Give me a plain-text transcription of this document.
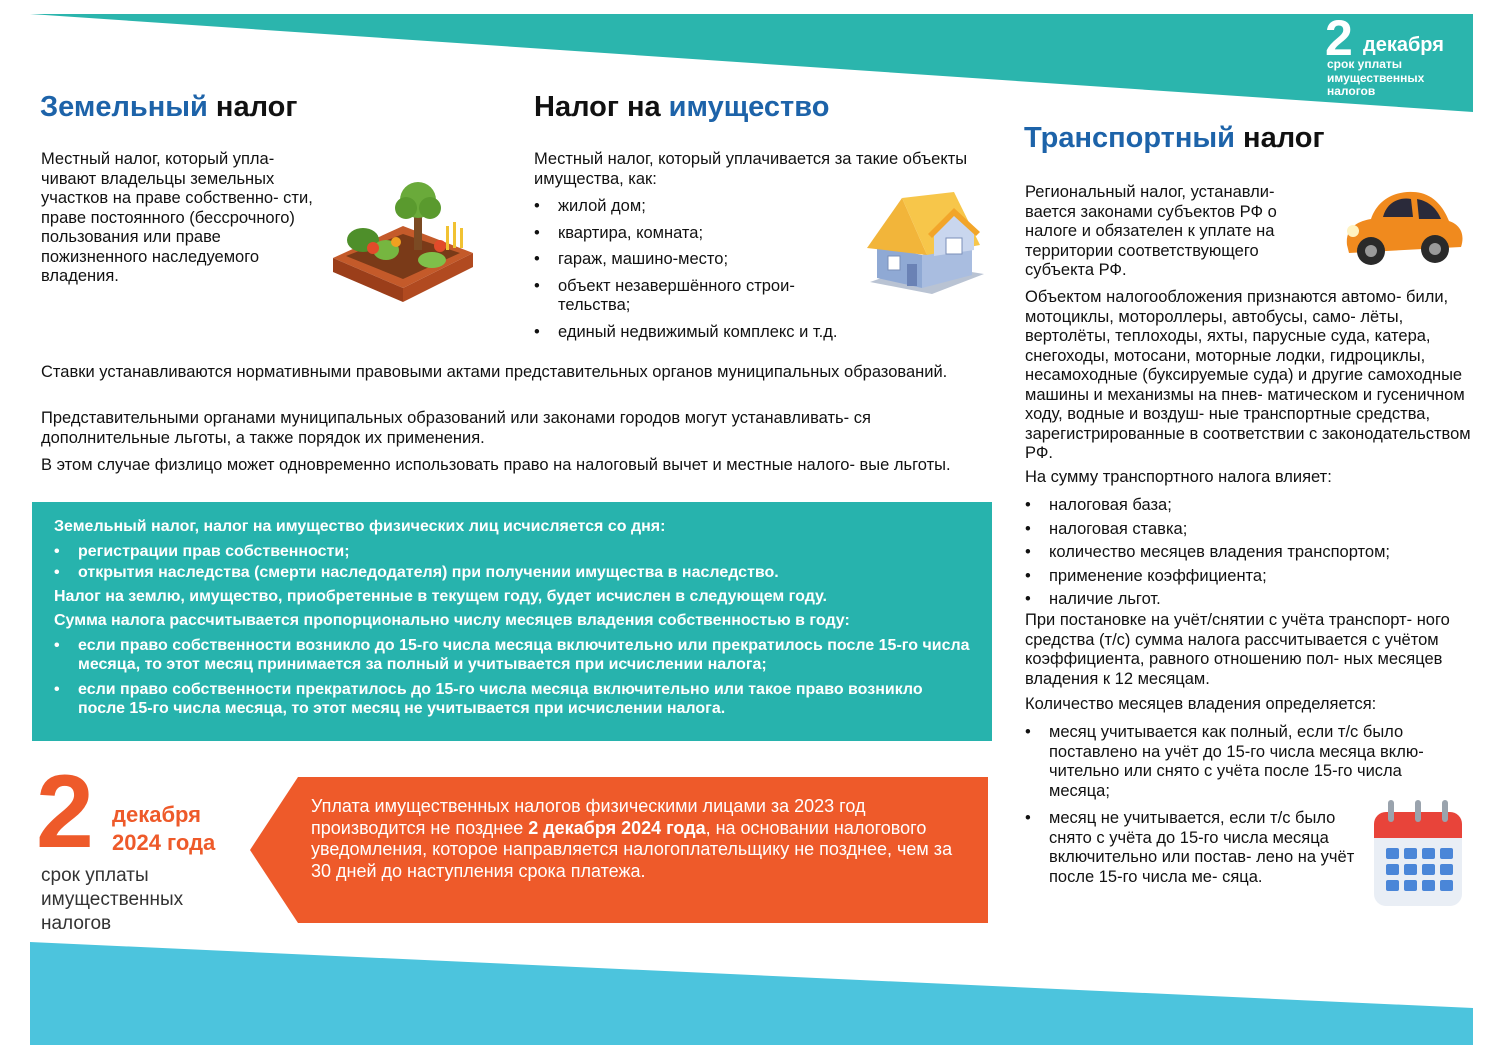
2 декабря
срок уплаты
имущественных
налогов
Земельный налог
Местный налог, который упла- чивают владельцы земельных участков на праве собственно- сти, праве постоянного (бессрочного) пользования или праве пожизненного наследуемого владения.
Налог на имущество
Местный налог, который уплачивается за такие объекты имущества, как:
• жилой дом;
• квартира, комната;
• гараж, машино-место;
• объект незавершённого строи- тельства;
• единый недвижимый комплекс и т.д.
Ставки устанавливаются нормативными правовыми актами представительных органов муниципальных образований.
Представительными органами муниципальных образований или законами городов могут устанавливать- ся дополнительные льготы, а также порядок их применения.
В этом случае физлицо может одновременно использовать право на налоговый вычет и местные налого- вые льготы.
Земельный налог, налог на имущество физических лиц исчисляется со дня:
• регистрации прав собственности;
• открытия наследства (смерти наследодателя) при получении имущества в наследство.
Налог на землю, имущество, приобретенные в текущем году, будет исчислен в следующем году.
Сумма налога рассчитывается пропорционально числу месяцев владения собственностью в году:
• если право собственности возникло до 15-го числа месяца включительно или прекратилось после 15-го числа месяца, то этот месяц принимается за полный и учитывается при исчислении налога;
• если право собственности прекратилось до 15-го числа месяца включительно или такое право возникло после 15-го числа месяца, то этот месяц не учитывается при исчислении налога.
2 декабря
2024 года
срок уплаты
имущественных
налогов
Уплата имущественных налогов физическими лицами за 2023 год производится не позднее 2 декабря 2024 года, на основании налогового уведомления, которое направляется налогоплательщику не позднее, чем за 30 дней до наступления срока платежа.
Транспортный налог
Региональный налог, устанавли- вается законами субъектов РФ о налоге и обязателен к уплате на территории соответствующего субъекта РФ.
Объектом налогообложения признаются автомо- били, мотоциклы, мотороллеры, автобусы, само- лёты, вертолёты, теплоходы, яхты, парусные суда, катера, снегоходы, мотосани, моторные лодки, гидроциклы, несамоходные (буксируемые суда) и другие самоходные машины и механизмы на пнев- матическом и гусеничном ходу, водные и воздуш- ные транспортные средства, зарегистрированные в соответствии с законодательством РФ.
На сумму транспортного налога влияет:
• налоговая база;
• налоговая ставка;
• количество месяцев владения транспортом;
• применение коэффициента;
• наличие льгот.
При постановке на учёт/снятии с учёта транспорт- ного средства (т/с) сумма налога рассчитывается с учётом коэффициента, равного отношению пол- ных месяцев владения к 12 месяцам.
Количество месяцев владения определяется:
• месяц учитывается как полный, если т/с было поставлено на учёт до 15-го числа месяца вклю- чительно или снято с учёта после 15-го числа месяца;
• месяц не учитывается, если т/с было снято с учёта до 15-го числа месяца включительно или постав- лено на учёт после 15-го числа ме- сяца.
